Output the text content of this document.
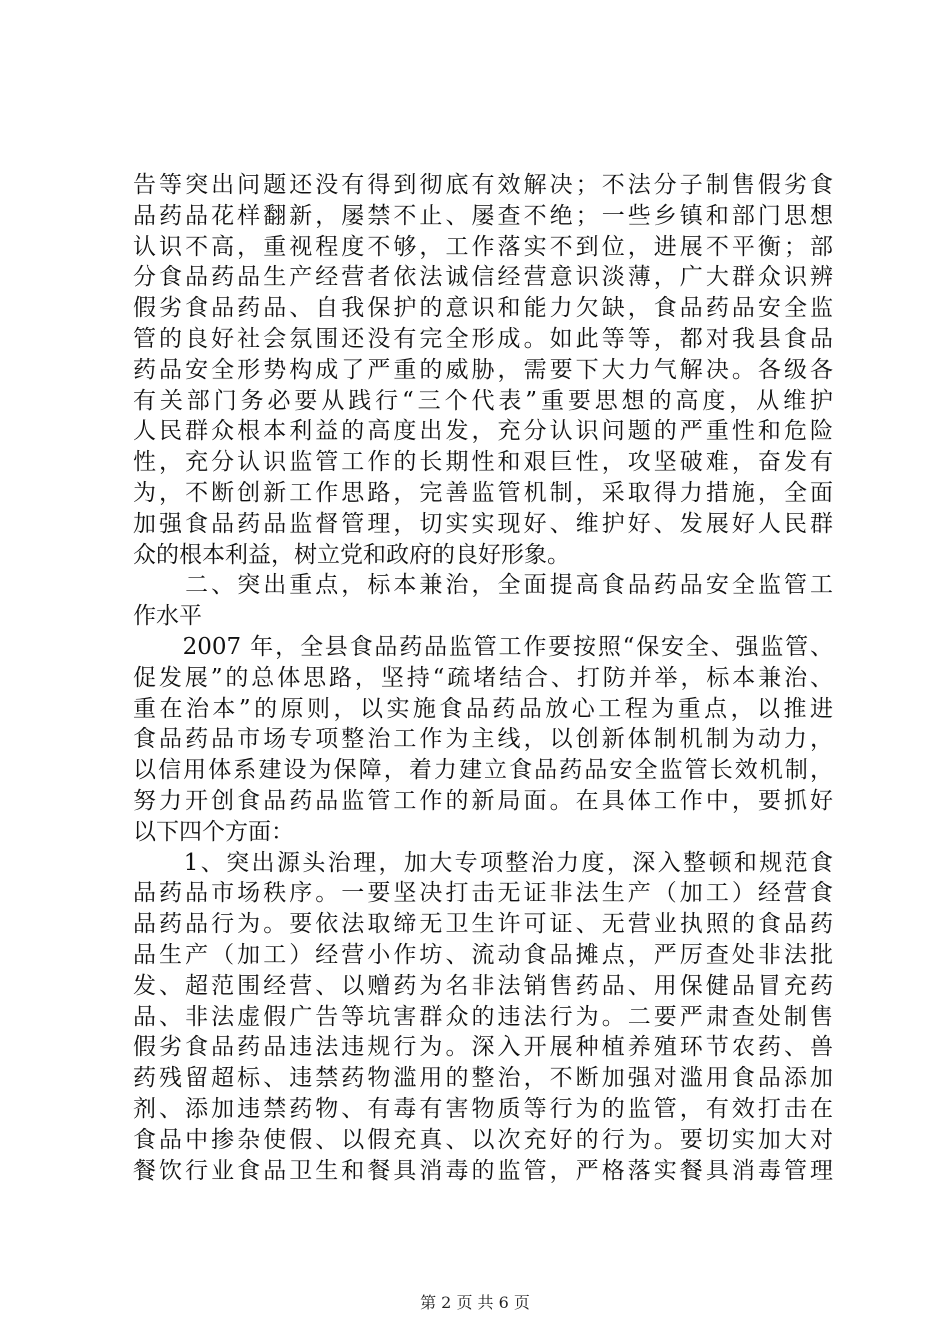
告等突出问题还没有得到彻底有效解决；不法分子制售假劣食
品药品花样翻新，屡禁不止、屡查不绝；一些乡镇和部门思想
认识不高，重视程度不够，工作落实不到位，进展不平衡；部
分食品药品生产经营者依法诚信经营意识淡薄，广大群众识辨
假劣食品药品、自我保护的意识和能力欠缺，食品药品安全监
管的良好社会氛围还没有完全形成。如此等等，都对我县食品
药品安全形势构成了严重的威胁，需要下大力气解决。各级各
有关部门务必要从践行“三个代表”重要思想的高度，从维护
人民群众根本利益的高度出发，充分认识问题的严重性和危险
性，充分认识监管工作的长期性和艰巨性，攻坚破难，奋发有
为，不断创新工作思路，完善监管机制，采取得力措施，全面
加强食品药品监督管理，切实实现好、维护好、发展好人民群
众的根本利益，树立党和政府的良好形象。
　　二、突出重点，标本兼治，全面提高食品药品安全监管工
作水平
　　2007 年，全县食品药品监管工作要按照“保安全、强监管、
促发展”的总体思路，坚持“疏堵结合、打防并举，标本兼治、
重在治本”的原则，以实施食品药品放心工程为重点，以推进
食品药品市场专项整治工作为主线，以创新体制机制为动力，
以信用体系建设为保障，着力建立食品药品安全监管长效机制，
努力开创食品药品监管工作的新局面。在具体工作中，要抓好
以下四个方面：
　　1、突出源头治理，加大专项整治力度，深入整顿和规范食
品药品市场秩序。一要坚决打击无证非法生产（加工）经营食
品药品行为。要依法取缔无卫生许可证、无营业执照的食品药
品生产（加工）经营小作坊、流动食品摊点，严厉查处非法批
发、超范围经营、以赠药为名非法销售药品、用保健品冒充药
品、非法虚假广告等坑害群众的违法行为。二要严肃查处制售
假劣食品药品违法违规行为。深入开展种植养殖环节农药、兽
药残留超标、违禁药物滥用的整治，不断加强对滥用食品添加
剂、添加违禁药物、有毒有害物质等行为的监管，有效打击在
食品中掺杂使假、以假充真、以次充好的行为。要切实加大对
餐饮行业食品卫生和餐具消毒的监管，严格落实餐具消毒管理
第 2 页 共 6 页
